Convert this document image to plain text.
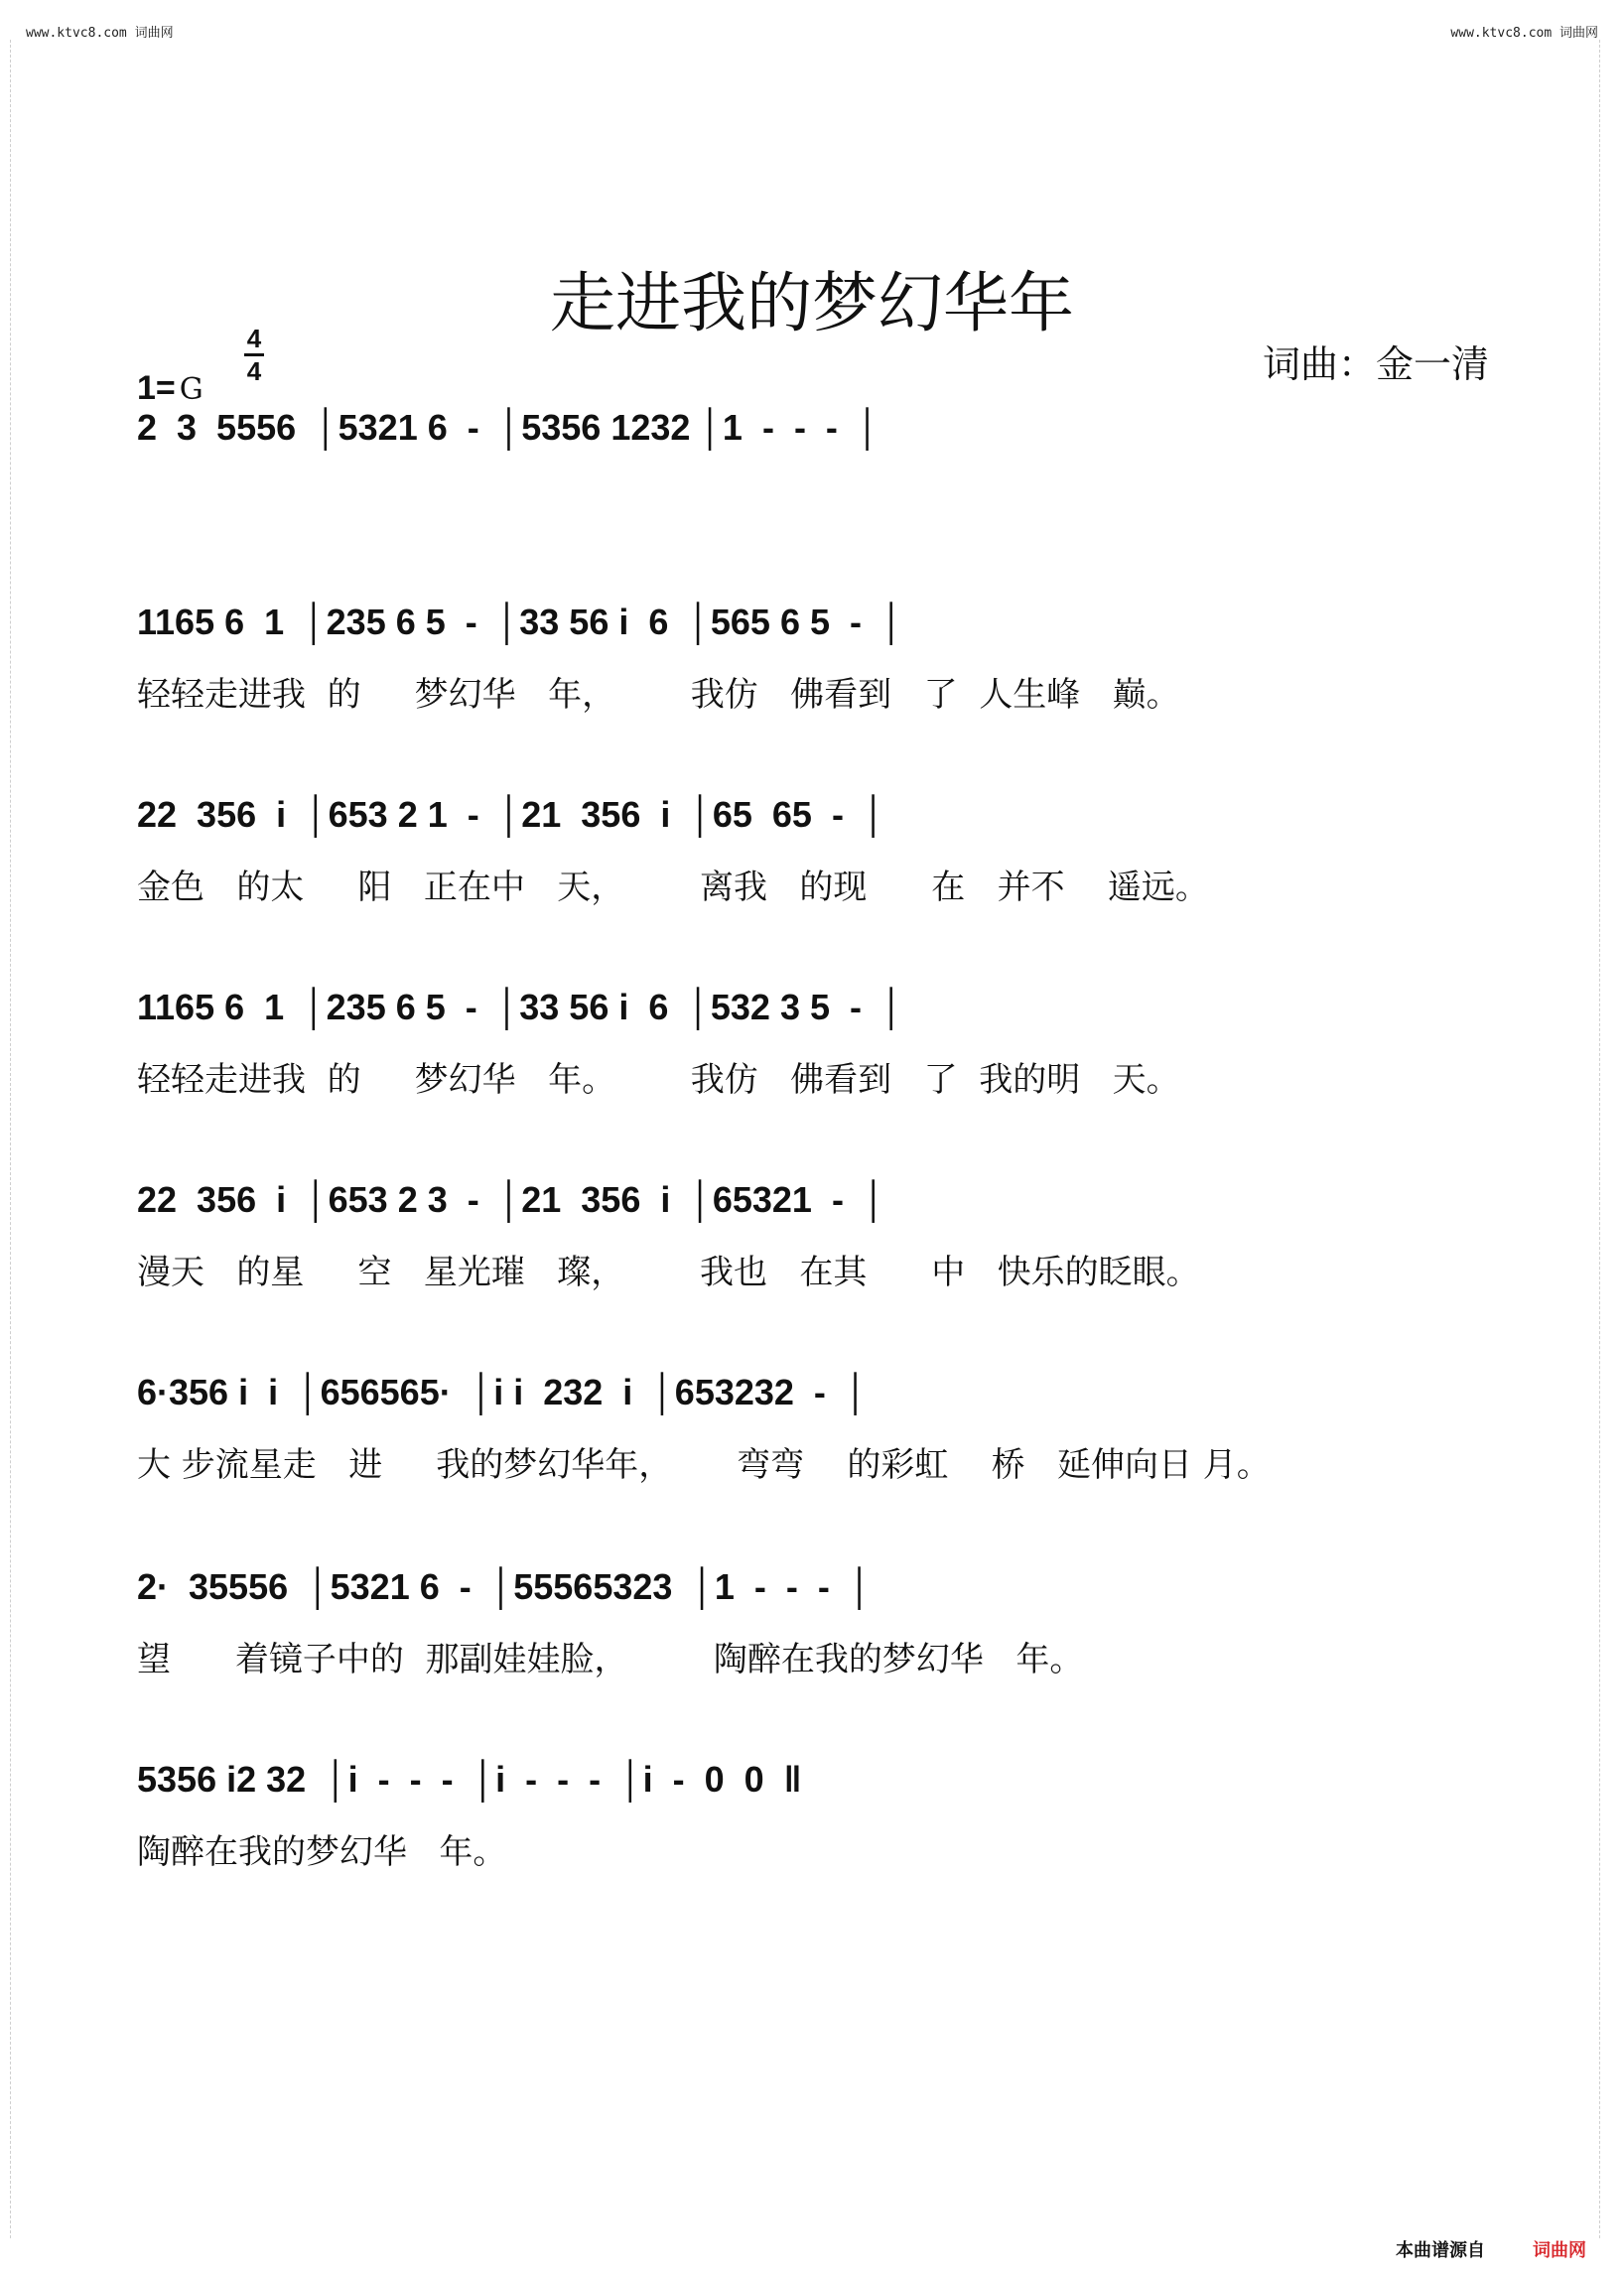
www.ktvc8.com 词曲网	www.ktvc8.com 词曲网
走进我的梦幻华年
1= G
$\frac{4}{4}$	词曲：金一清
2  3  5556  │5321 6  -  │5356 1232 │1  -  -  -  │
1165 6  1  │235 6 5  -  │33 56 i  6  │565 6 5  -  │
轻轻走进我  的     梦幻华   年，       我仿   佛看到   了  人生峰   巅。
22  356  i  │653 2 1  -  │21  356  i  │65  65  -  │
金色   的太     阳   正在中   天，       离我   的现      在   并不    遥远。
1165 6  1  │235 6 5  -  │33 56 i  6  │532 3 5  -  │
轻轻走进我  的     梦幻华   年。       我仿   佛看到   了  我的明   天。
22  356  i  │653 2 3  -  │21  356  i  │65321  -  │
漫天   的星     空   星光璀   璨，       我也   在其      中   快乐的眨眼。
6·356 i  i  │656565·  │i i  232  i  │653232  -  │
大 步流星走   进     我的梦幻华年，      弯弯    的彩虹    桥   延伸向日 月。
2·  35556  │5321 6  -  │55565323  │1  -  -  -  │
望      着镜子中的  那副娃娃脸，        陶醉在我的梦幻华   年。
5356 i2 32  │i  -  -  -  │i  -  -  -  │i  -  0  0  ‖
陶醉在我的梦幻华   年。
本曲谱源自	词曲网
